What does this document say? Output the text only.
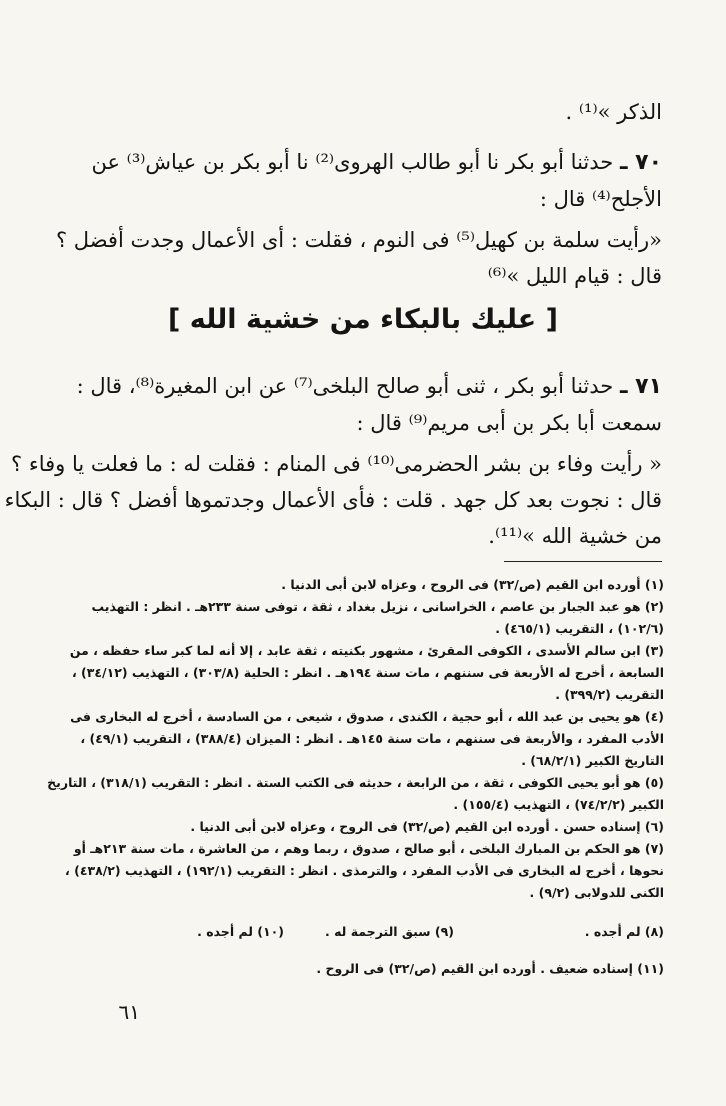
الذكر »⁽¹⁾ .
٧٠ ـ حدثنا أبو بكر نا أبو طالب الهروى⁽²⁾ نا أبو بكر بن عياش⁽³⁾ عن
الأجلح⁽⁴⁾ قال :
«رأيت سلمة بن كهيل⁽⁵⁾ فى النوم ، فقلت : أى الأعمال وجدت أفضل ؟
قال : قيام الليل »⁽⁶⁾
[ عليك بالبكاء من خشية الله ]
٧١ ـ حدثنا أبو بكر ، ثنى أبو صالح البلخى⁽⁷⁾ عن ابن المغيرة⁽⁸⁾، قال :
سمعت أبا بكر بن أبى مريم⁽⁹⁾ قال :
« رأيت وفاء بن بشر الحضرمى⁽¹⁰⁾ فى المنام : فقلت له : ما فعلت يا وفاء ؟
قال : نجوت بعد كل جهد . قلت : فأى الأعمال وجدتموها أفضل ؟ قال : البكاء
من خشية الله »⁽¹¹⁾.
(١) أورده ابن القيم (ص/٣٢) فى الروح ، وعزاه لابن أبى الدنيا .
(٢) هو عبد الجبار بن عاصم ، الخراسانى ، نزيل بغداد ، ثقة ، توفى سنة ٢٣٣هـ . انظر : التهذيب
(١٠٢/٦) ، التقريب (٤٦٥/١) .
(٣) ابن سالم الأسدى ، الكوفى المقرئ ، مشهور بكنيته ، ثقة عابد ، إلا أنه لما كبر ساء حفظه ، من
السابعة ، أخرج له الأربعة فى سننهم ، مات سنة ١٩٤هـ . انظر : الحلية (٣٠٣/٨) ، التهذيب (٣٤/١٢) ،
التقريب (٣٩٩/٢) .
(٤) هو يحيى بن عبد الله ، أبو حجية ، الكندى ، صدوق ، شيعى ، من السادسة ، أخرج له البخارى فى
الأدب المفرد ، والأربعة فى سننهم ، مات سنة ١٤٥هـ . انظر : الميزان (٣٨٨/٤) ، التقريب (٤٩/١) ،
التاريخ الكبير (٦٨/٢/١) .
(٥) هو أبو يحيى الكوفى ، ثقة ، من الرابعة ، حديثه فى الكتب الستة . انظر : التقريب (٣١٨/١) ، التاريخ
الكبير (٧٤/٢/٢) ، التهذيب (١٥٥/٤) .
(٦) إسناده حسن . أورده ابن القيم (ص/٣٢) فى الروح ، وعزاه لابن أبى الدنيا .
(٧) هو الحكم بن المبارك البلخى ، أبو صالح ، صدوق ، ربما وهم ، من العاشرة ، مات سنة ٢١٣هـ أو
نحوها ، أخرج له البخارى فى الأدب المفرد ، والترمذى . انظر : التقريب (١٩٢/١) ، التهذيب (٤٣٨/٢) ،
الكنى للدولابى (٩/٢) .
(٨) لم أجده .
(٩) سبق الترجمة له .
(١٠) لم أجده .
(١١) إسناده ضعيف . أورده ابن القيم (ص/٣٢) فى الروح .
٦١
